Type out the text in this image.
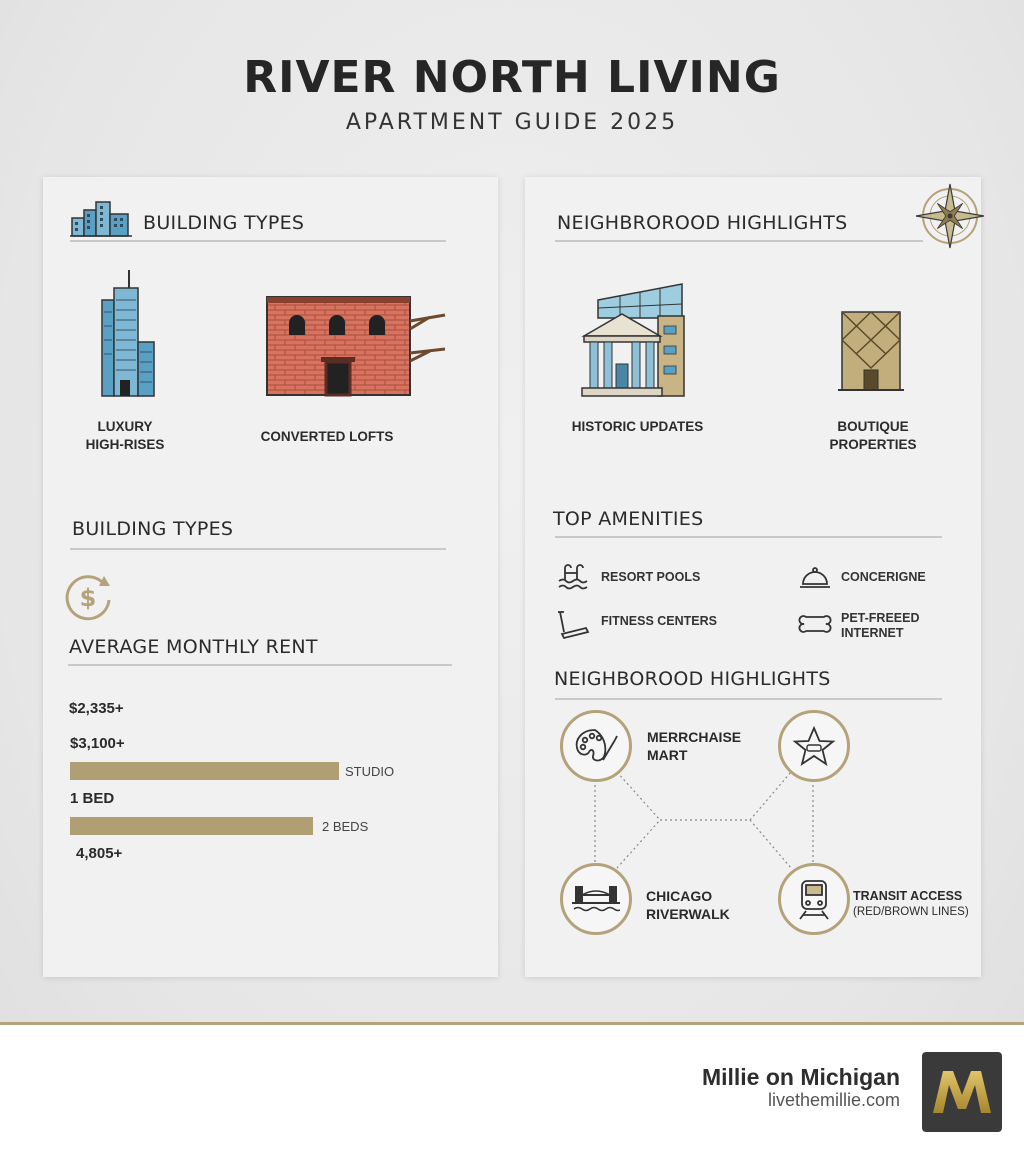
RIVER NORTH LIVING
APARTMENT GUIDE 2025
BUILDING TYPES
LUXURY
HIGH-RISES
CONVERTED LOFTS
BUILDING TYPES
$
AVERAGE MONTHLY RENT
$2,335+
$3,100+
STUDIO
1 BED
2 BEDS
4,805+
NEIGHBROROOD HIGHLIGHTS
HISTORIC UPDATES	BOUTIQUE
PROPERTIES
TOP AMENITIES
RESORT POOLS	CONCERIGNE
FITNESS CENTERS	PET-FREEED
INTERNET
NEIGHBOROOD HIGHLIGHTS
MERRCHAISE
MART
CHICAGO
RIVERWALK
TRANSIT ACCESS
(RED/BROWN LINES)
Millie on Michigan
livethemillie.com
